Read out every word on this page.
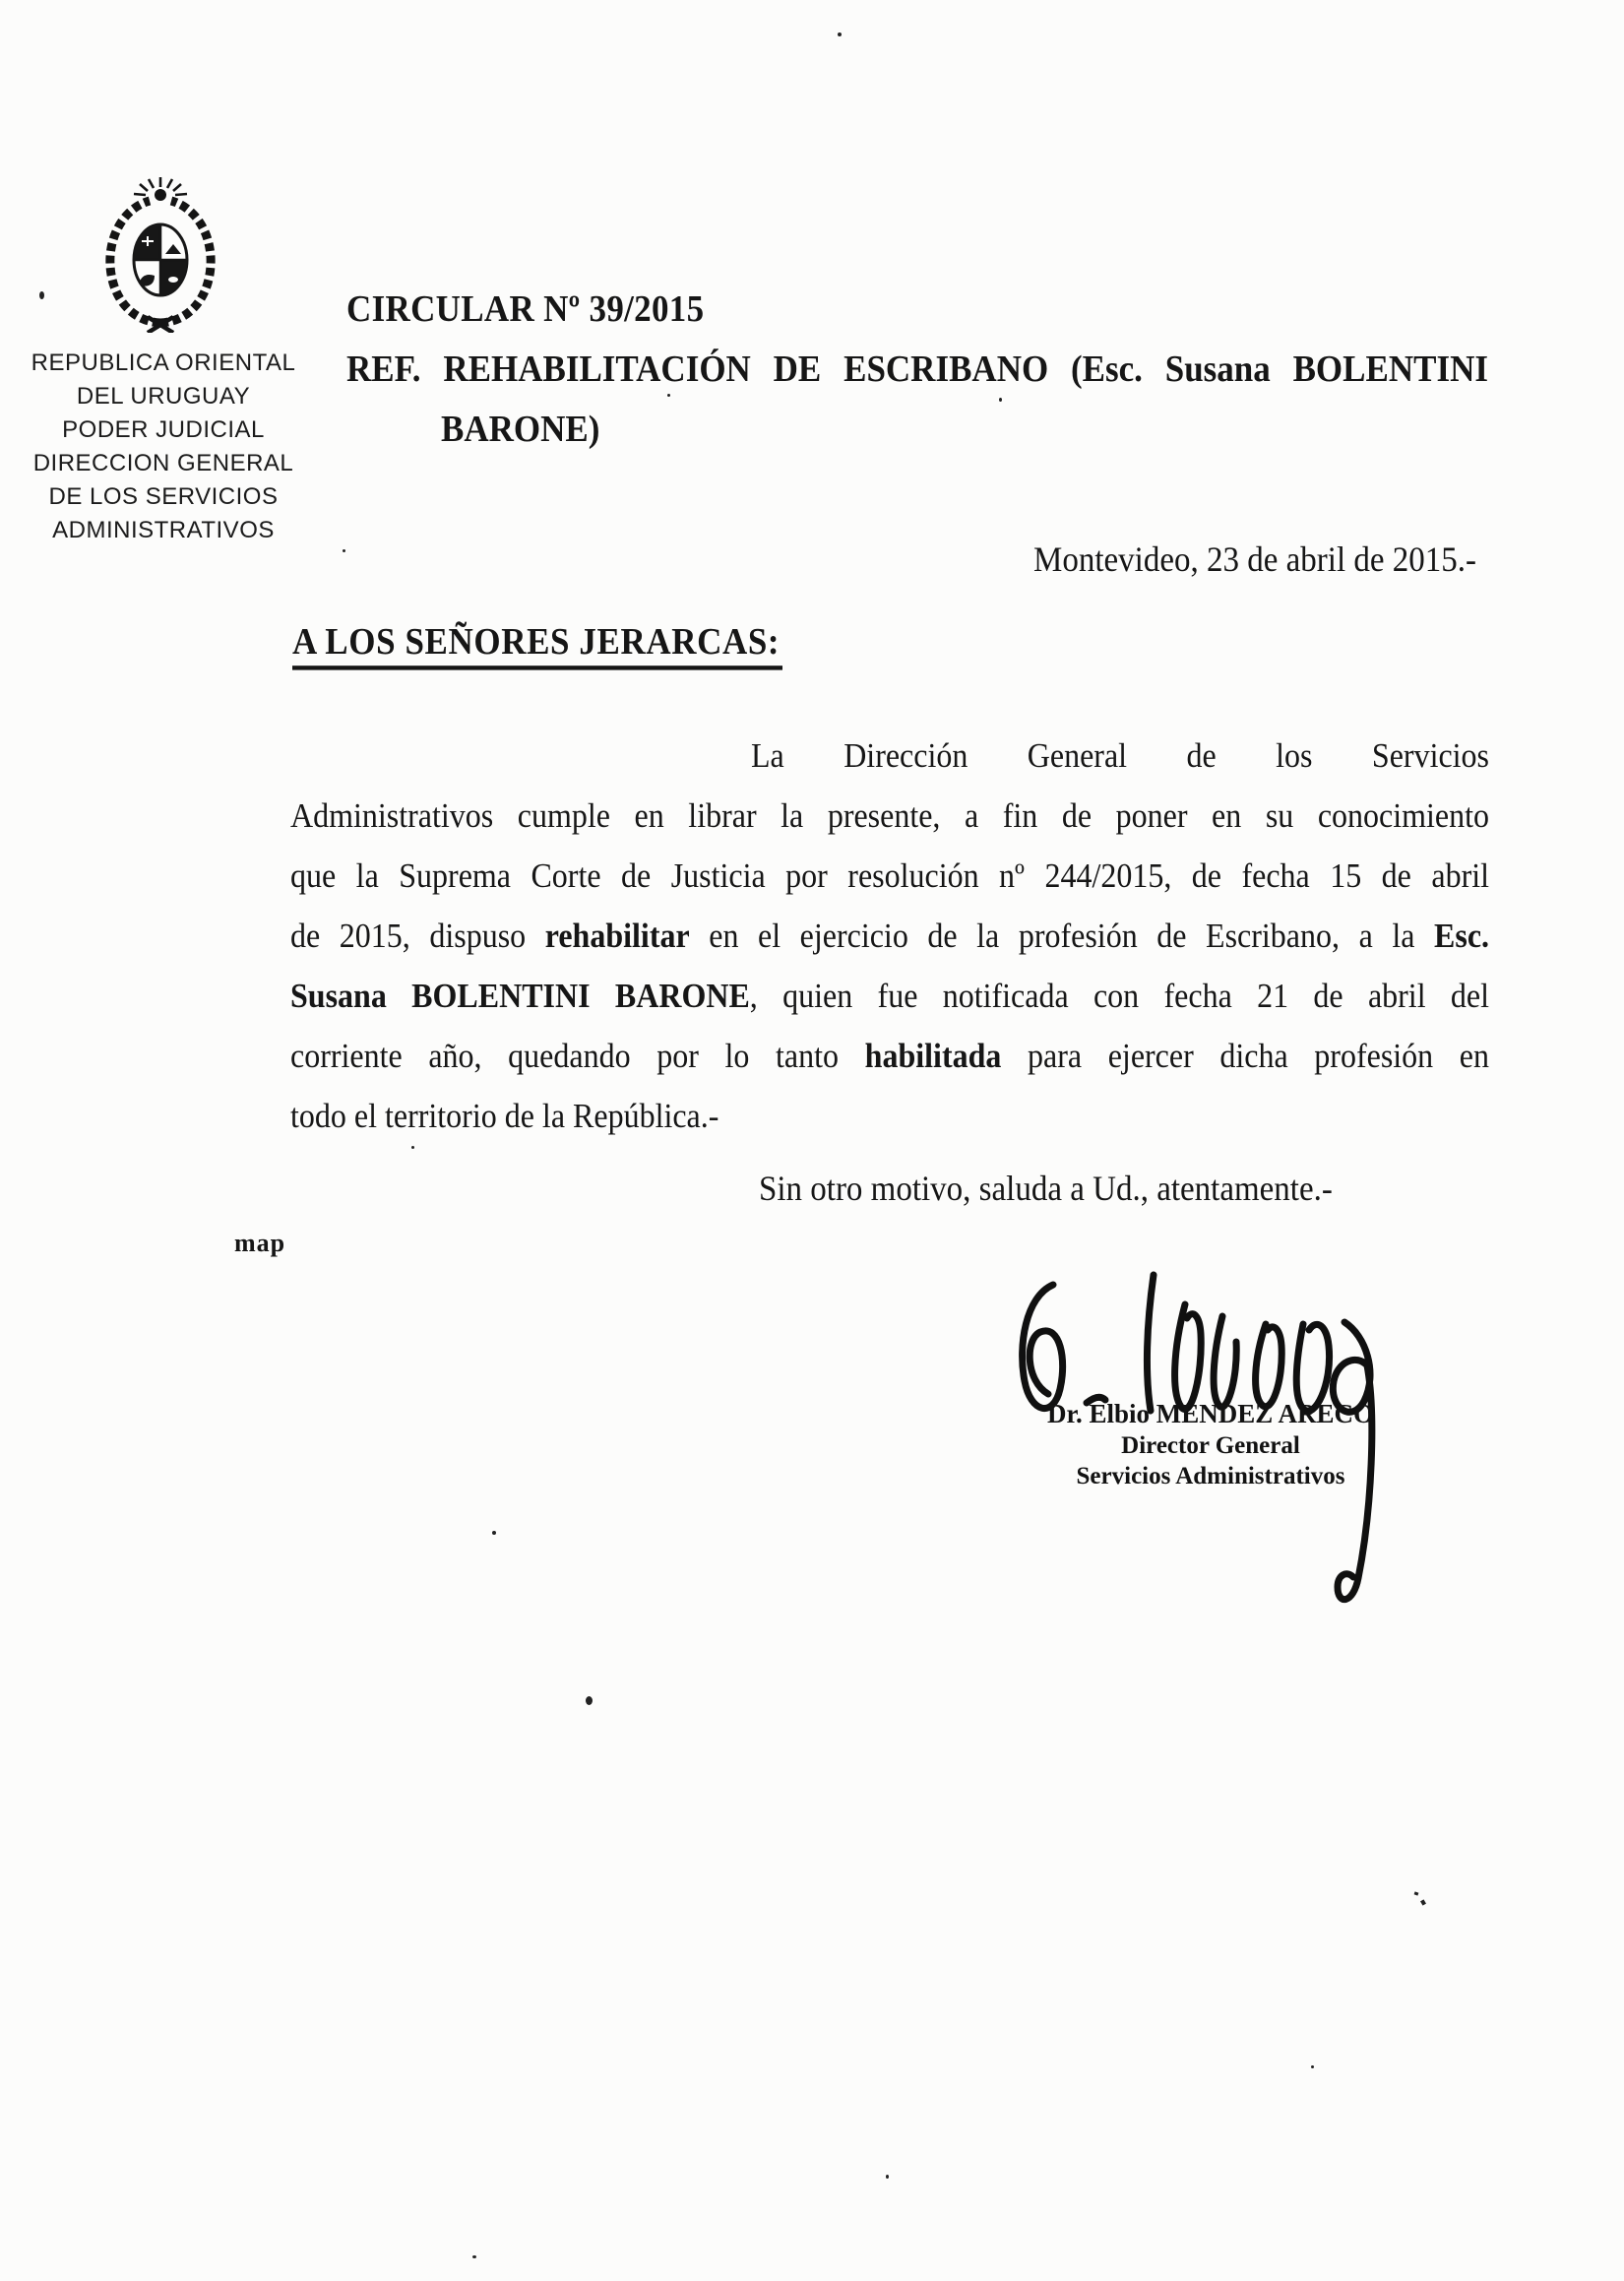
REPUBLICA ORIENTAL
DEL URUGUAY
PODER JUDICIAL
DIRECCION GENERAL
DE LOS SERVICIOS
ADMINISTRATIVOS
CIRCULAR Nº 39/2015
REF. REHABILITACIÓN DE ESCRIBANO (Esc. Susana BOLENTINI
BARONE)
Montevideo, 23 de abril de 2015.-
A LOS SEÑORES JERARCAS:
La Dirección General de los Servicios
Administrativos cumple en librar la presente, a fin de poner en su conocimiento
que la Suprema Corte de Justicia por resolución nº 244/2015, de fecha 15 de abril
de 2015, dispuso rehabilitar en el ejercicio de la profesión de Escribano, a la Esc.
Susana BOLENTINI BARONE, quien fue notificada con fecha 21 de abril del
corriente año, quedando por lo tanto habilitada para ejercer dicha profesión en
todo el territorio de la República.-
Sin otro motivo, saluda a Ud., atentamente.-
map
Dr. Elbio MENDEZ ARECO
Director General
Servicios Administrativos
